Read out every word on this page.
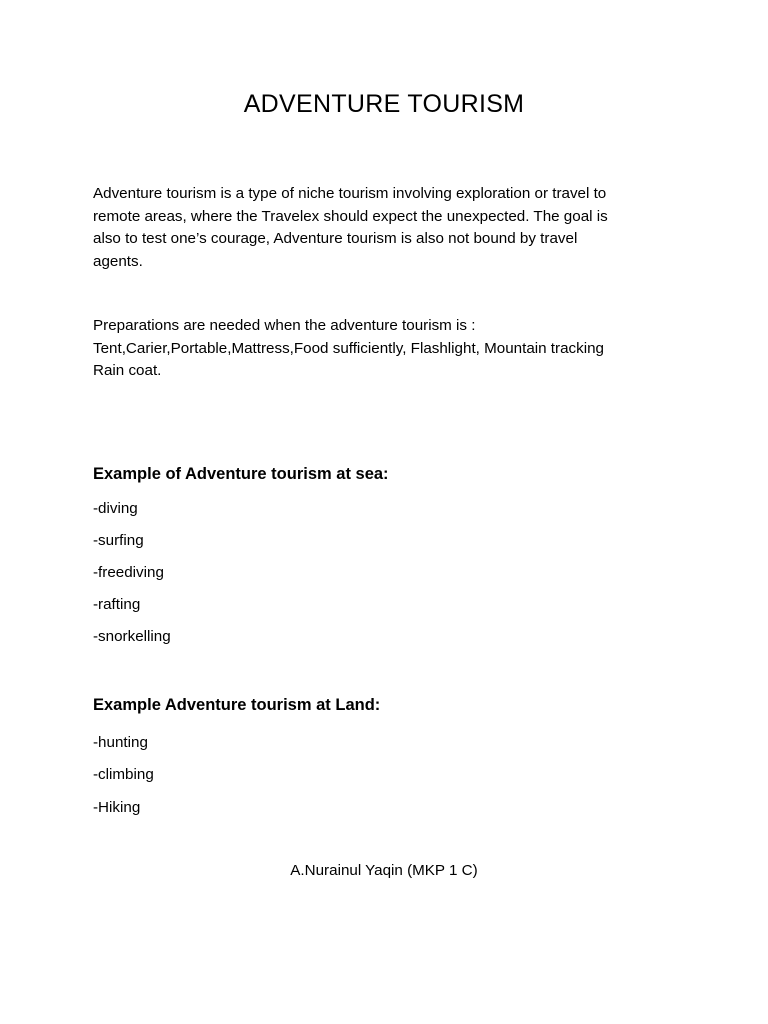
ADVENTURE TOURISM

Adventure tourism is a type of niche tourism involving exploration or travel to
remote areas, where the Travelex should expect the unexpected. The goal is
also to test one’s courage, Adventure tourism is also not bound by travel
agents.

Preparations are needed when the adventure tourism is :
Tent,Carier,Portable,Mattress,Food sufficiently, Flashlight, Mountain tracking
Rain coat.

Example of Adventure tourism at sea:

-diving

-surfing

-freediving

-rafting

-snorkelling

Example Adventure tourism at Land:

-hunting

-climbing

-Hiking

A.Nurainul Yaqin (MKP 1 C)
